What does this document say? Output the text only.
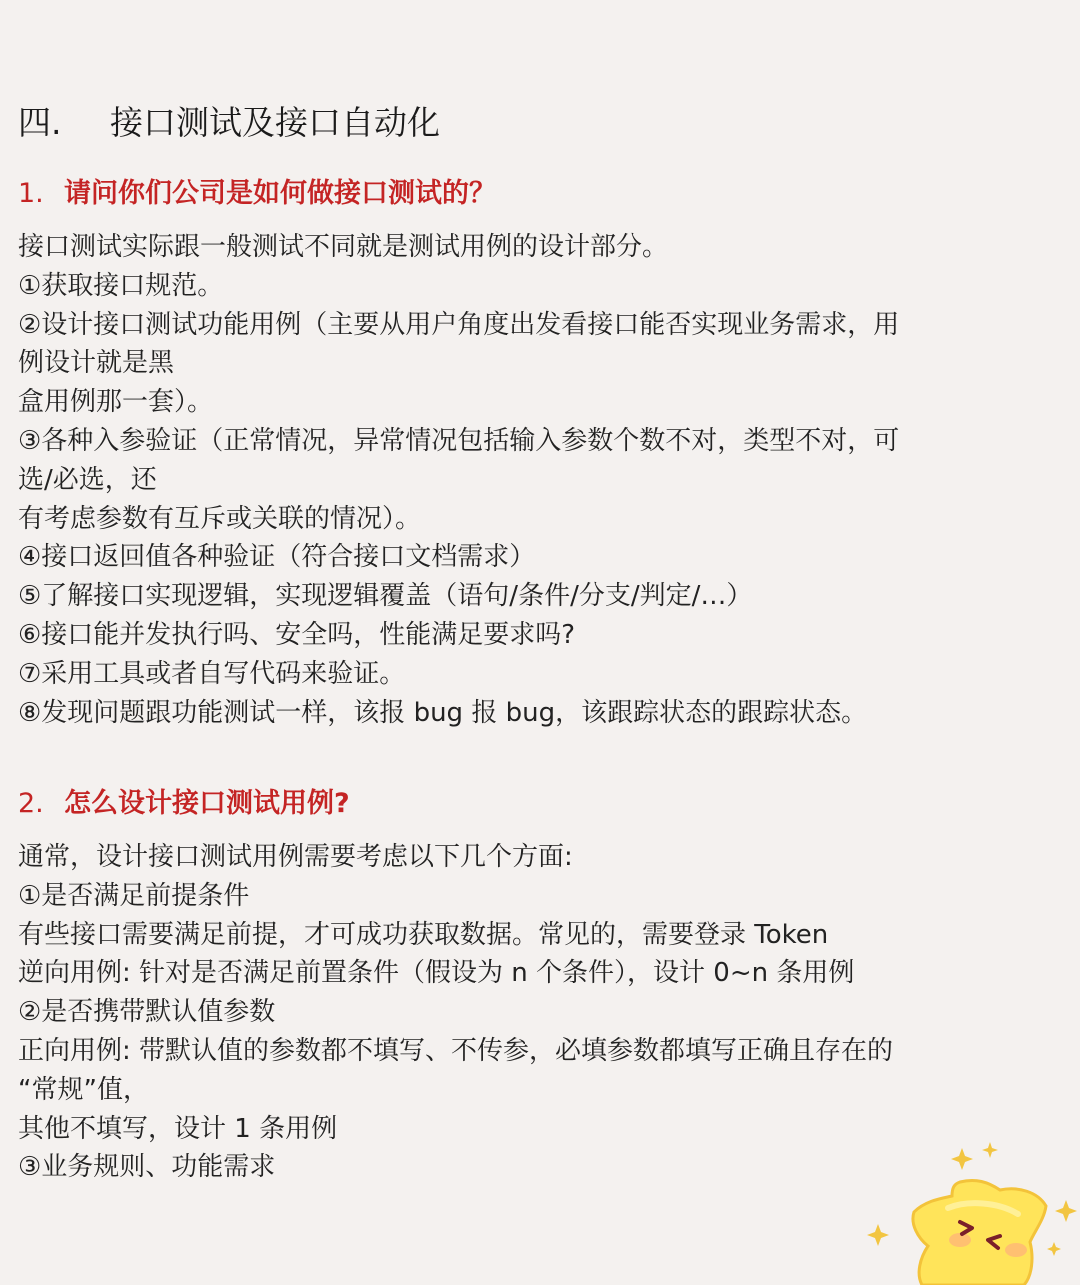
四. 接口测试及接口自动化
1. 请问你们公司是如何做接口测试的？
接口测试实际跟一般测试不同就是测试用例的设计部分。
①获取接口规范。
②设计接口测试功能用例（主要从用户角度出发看接口能否实现业务需求，用
例设计就是黑
盒用例那一套）。
③各种入参验证（正常情况，异常情况包括输入参数个数不对，类型不对，可
选/必选，还
有考虑参数有互斥或关联的情况）。
④接口返回值各种验证（符合接口文档需求）
⑤了解接口实现逻辑，实现逻辑覆盖（语句/条件/分支/判定/…）
⑥接口能并发执行吗、安全吗，性能满足要求吗?
⑦采用工具或者自写代码来验证。
⑧发现问题跟功能测试一样，该报 bug 报 bug，该跟踪状态的跟踪状态。
2. 怎么设计接口测试用例?
通常，设计接口测试用例需要考虑以下几个方面:
①是否满足前提条件
有些接口需要满足前提，才可成功获取数据。常见的，需要登录 Token
逆向用例: 针对是否满足前置条件（假设为 n 个条件），设计 0~n 条用例
②是否携带默认值参数
正向用例: 带默认值的参数都不填写、不传参，必填参数都填写正确且存在的
“常规”值，
其他不填写，设计 1 条用例
③业务规则、功能需求
